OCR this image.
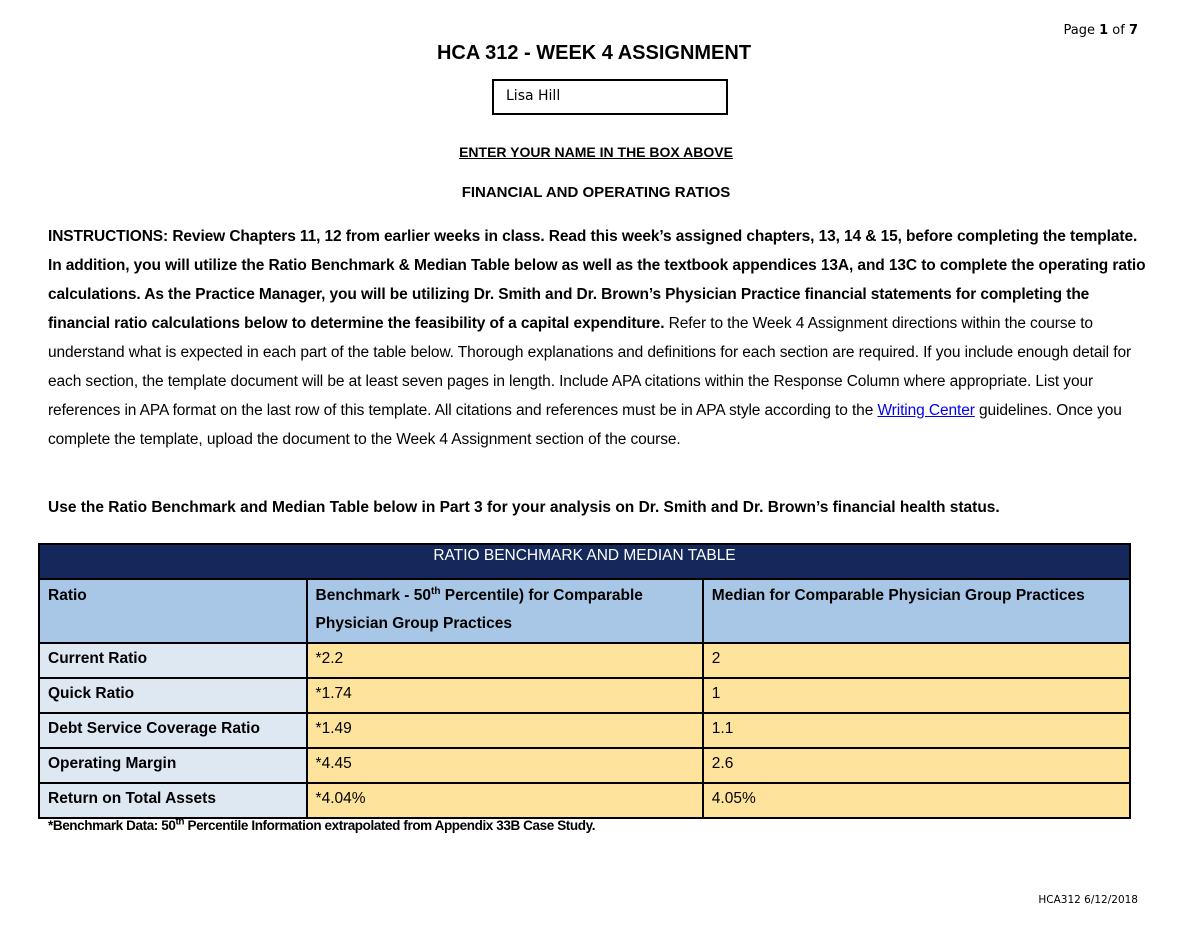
Page 1 of 7
HCA 312 - WEEK 4 ASSIGNMENT
Lisa Hill
ENTER YOUR NAME IN THE BOX ABOVE
FINANCIAL AND OPERATING RATIOS
INSTRUCTIONS: Review Chapters 11, 12 from earlier weeks in class. Read this week’s assigned chapters, 13, 14 & 15, before completing the template. In addition, you will utilize the Ratio Benchmark & Median Table below as well as the textbook appendices 13A, and 13C to complete the operating ratio calculations. As the Practice Manager, you will be utilizing Dr. Smith and Dr. Brown’s Physician Practice financial statements for completing the financial ratio calculations below to determine the feasibility of a capital expenditure. Refer to the Week 4 Assignment directions within the course to understand what is expected in each part of the table below. Thorough explanations and definitions for each section are required. If you include enough detail for each section, the template document will be at least seven pages in length. Include APA citations within the Response Column where appropriate. List your references in APA format on the last row of this template. All citations and references must be in APA style according to the Writing Center guidelines. Once you complete the template, upload the document to the Week 4 Assignment section of the course.
Use the Ratio Benchmark and Median Table below in Part 3 for your analysis on Dr. Smith and Dr. Brown’s financial health status.
RATIO BENCHMARK AND MEDIAN TABLE		
Ratio	Benchmark - 50th Percentile) for Comparable Physician Group Practices	Median for Comparable Physician Group Practices
Current Ratio	*2.2	2
Quick Ratio	*1.74	1
Debt Service Coverage Ratio	*1.49	1.1
Operating Margin	*4.45	2.6
Return on Total Assets	*4.04%	4.05%
*Benchmark Data: 50th Percentile Information extrapolated from Appendix 33B Case Study.
HCA312 6/12/2018
